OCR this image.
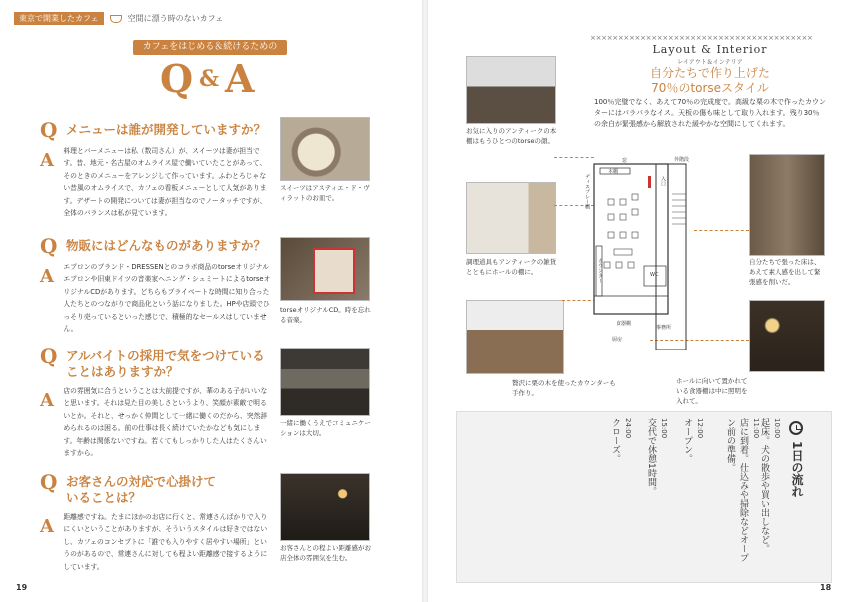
東京で開業したカフェ	空間に漂う時のないカフェ
カフェをはじめる＆続けるための
Q & A
Q メニューは誰が開発していますか？
A	料理とバーメニューは私（数司さん）が、スイーツは妻が担当です。昔、地元・名古屋のオムライス屋で働いていたことがあって、そのときのメニューをアレンジして作っています。ふわとろじゃない昔風のオムライスで、カフェの看板メニューとして人気があります。デザートの開発については妻が担当なのでノータッチですが、全体のバランスは私が見ています。
スイーツはアスティエ・ド・ヴィラットのお皿で。
Q 物販にはどんなものがありますか？
A	エプロンのブランド・DRESSENとのコラボ商品のtorseオリジナルエプロンや旧東ドイツの音楽家ヘニング・シュミートによるtorseオリジナルCDがあります。どちらもプライベートな時間に知り合った人たちとのつながりで商品化という話になりました。HPや店頭でひっそり売っているといった感じで、積極的なセールスはしていません。
torseオリジナルCD。時を忘れる音楽。
Q アルバイトの採用で気をつけていることはありますか？
A	店の雰囲気に合うということは大前提ですが、華のある子がいいなと思います。それは見た目の美しさというより、笑顔が素敵で明るいとか。それと、せっかく仲間として一緒に働くのだから、突然辞められるのは困る。前の仕事は長く続けていたかなども気にします。年齢は関係ないですね。若くてもしっかりした人はたくさんいますから。
一緒に働くうえでコミュニケーションは大切。
Q お客さんの対応で心掛けていることは？
A	距離感ですね。たまにほかのお店に行くと、常連さんばかりで入りにくいということがありますが、そういうスタイルは好きではないし、カフェのコンセプトに「誰でも入りやすく居やすい場所」というのがあるので、常連さんに対しても程よい距離感で接するようにしています。
お客さんとの程よい距離感がお店全体の雰囲気を生む。
19
××××××××××××××××××××××××××××××××××××××××
Layout & Interior
レイアウト＆インテリア
自分たちで作り上げた
70％のtorseスタイル
100％完璧でなく、あえて70％の完成度で。高級な栗の木で作ったカウンターにはパラパラなイス。天板の傷も味として取り入れます。残り30％の余白が緊張感から解放された緩やかな空間にしてくれます。
お気に入りのアンティークの本棚はもうひとつのtorseの顔。
調理道具もアンティークの雑貨とともにホールの棚に。
贅沢に栗の木を使ったカウンターも手作り。
自分たちで張った床は、あえて素人感を出して緊張感を削いだ。
ホールに向いて置かれている食器棚は中に照明を入れて。
窓
本棚
入口
外階段
ディスプレー棚
カウンター	WC
食器棚
事務所
厨房
1日の流れ
10:00
起床。犬の散歩や買い出しなど。
11:00
店に到着。仕込みや掃除などオープン前の準備。
12:00
オープン。
15:00
交代で休憩1時間。
24:00
クローズ。
18
